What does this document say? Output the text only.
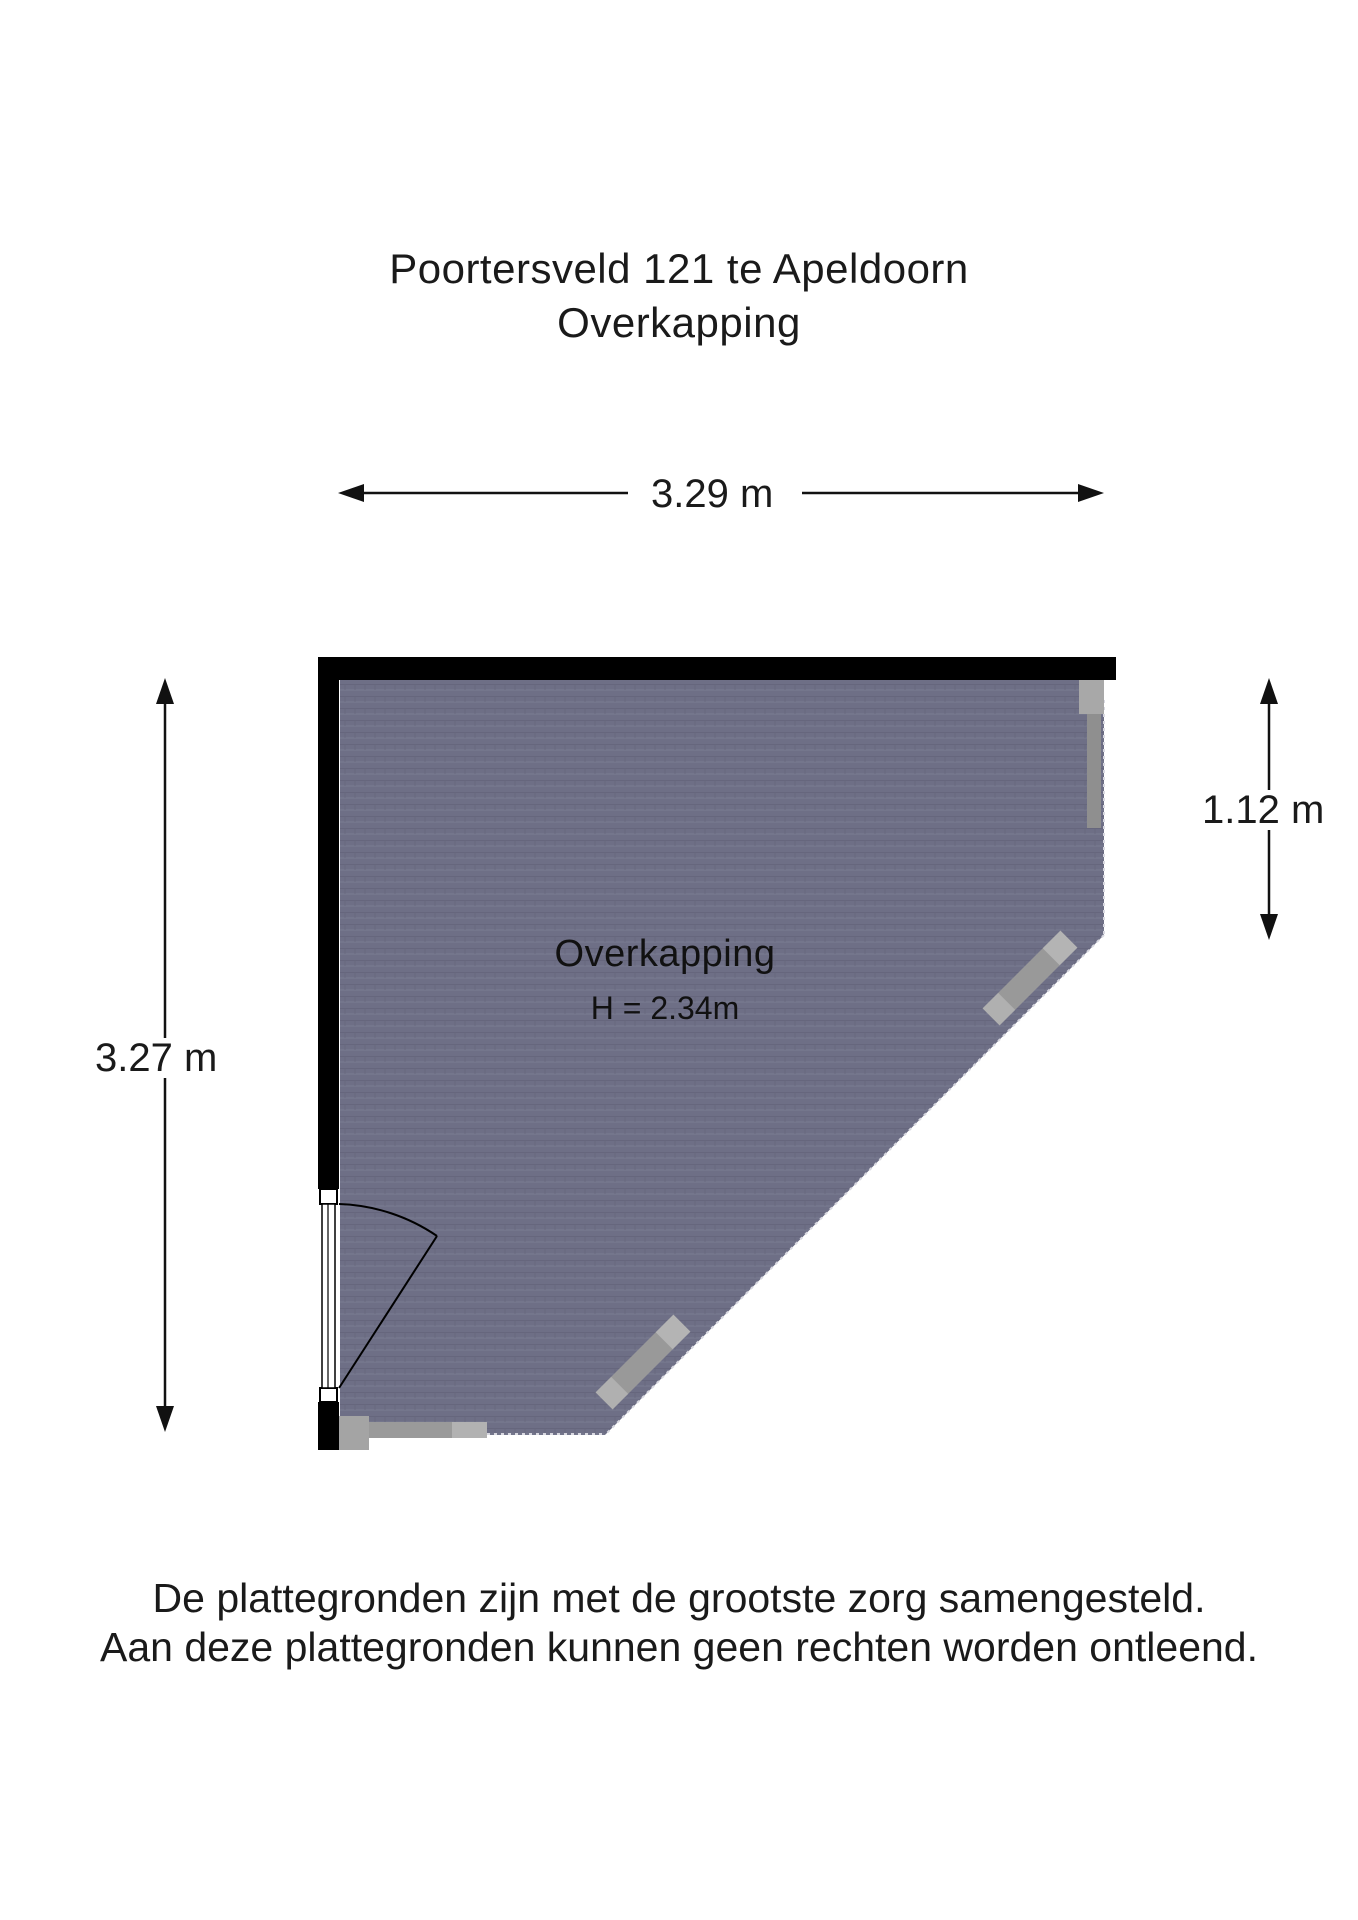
Poortersveld 121 te Apeldoorn
Overkapping
3.29 m
3.27 m
1.12 m
Overkapping
H = 2.34m
De plattegronden zijn met de grootste zorg samengesteld.
Aan deze plattegronden kunnen geen rechten worden ontleend.
